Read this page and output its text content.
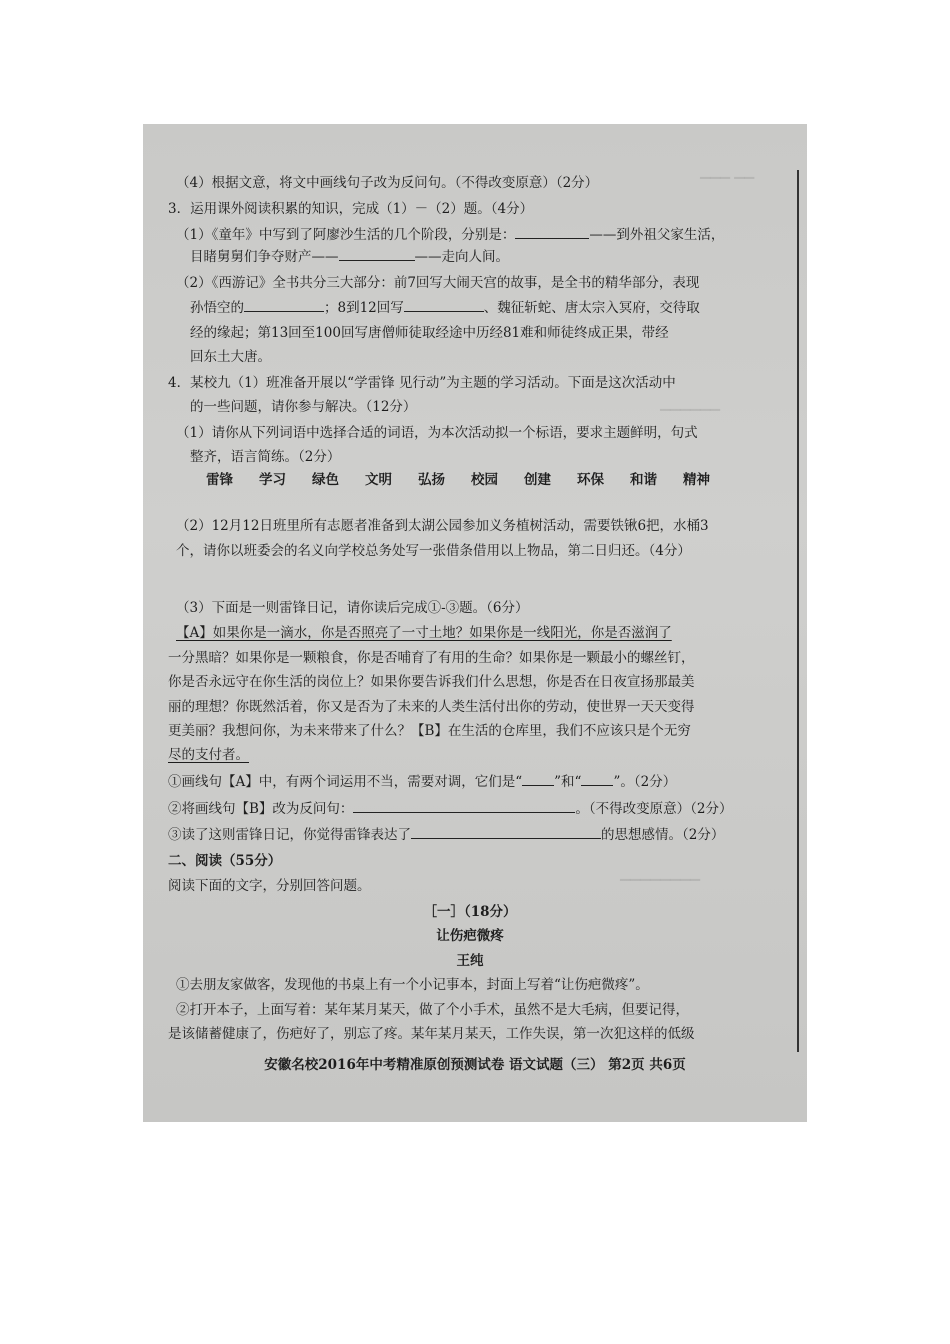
▔▔▔ ▔▔
▔▔▔▔▔▔
▔▔▔▔▔▔▔▔
（4）根据文意，将文中画线句子改为反问句。（不得改变原意）（2分）
3．运用课外阅读积累的知识，完成（1）－（2）题。（4分）
（1）《童年》中写到了阿廖沙生活的几个阶段，分别是：	——到外祖父家生活，
目睹舅舅们争夺财产——	——走向人间。
（2）《西游记》全书共分三大部分：前7回写大闹天宫的故事，是全书的精华部分，表现
孙悟空的	；8到12回写	、魏征斩蛇、唐太宗入冥府，交待取
经的缘起；第13回至100回写唐僧师徒取经途中历经81难和师徒终成正果，带经
回东土大唐。
4．某校九（1）班准备开展以“学雷锋 见行动”为主题的学习活动。下面是这次活动中
的一些问题，请你参与解决。（12分）
（1）请你从下列词语中选择合适的词语，为本次活动拟一个标语，要求主题鲜明，句式
整齐，语言简练。（2分）
雷锋 学习 绿色 文明 弘扬 校园 创建 环保 和谐 精神
（2）12月12日班里所有志愿者准备到太湖公园参加义务植树活动，需要铁锹6把，水桶3
个，请你以班委会的名义向学校总务处写一张借条借用以上物品，第二日归还。（4分）
（3）下面是一则雷锋日记，请你读后完成①-③题。（6分）
【A】如果你是一滴水，你是否照亮了一寸土地？如果你是一线阳光，你是否滋润了
一分黑暗？如果你是一颗粮食，你是否哺育了有用的生命？如果你是一颗最小的螺丝钉，
你是否永远守在你生活的岗位上？如果你要告诉我们什么思想，你是否在日夜宣扬那最美
丽的理想？你既然活着，你又是否为了未来的人类生活付出你的劳动，使世界一天天变得
更美丽？我想问你，为未来带来了什么？【B】在生活的仓库里，我们不应该只是个无穷
尽的支付者。
①画线句【A】中，有两个词运用不当，需要对调，它们是“ ”和“ ”。（2分）
②将画线句【B】改为反问句：	。（不得改变原意）（2分）
③读了这则雷锋日记，你觉得雷锋表达了	的思想感情。（2分）
二、阅读（55分）
阅读下面的文字，分别回答问题。
［一］（18分）
让伤疤微疼
王纯
①去朋友家做客，发现他的书桌上有一个小记事本，封面上写着“让伤疤微疼”。
②打开本子，上面写着：某年某月某天，做了个小手术，虽然不是大毛病，但要记得，
是该储蓄健康了，伤疤好了，别忘了疼。某年某月某天，工作失误，第一次犯这样的低级
安徽名校2016年中考精准原创预测试卷 语文试题（三） 第2页 共6页
